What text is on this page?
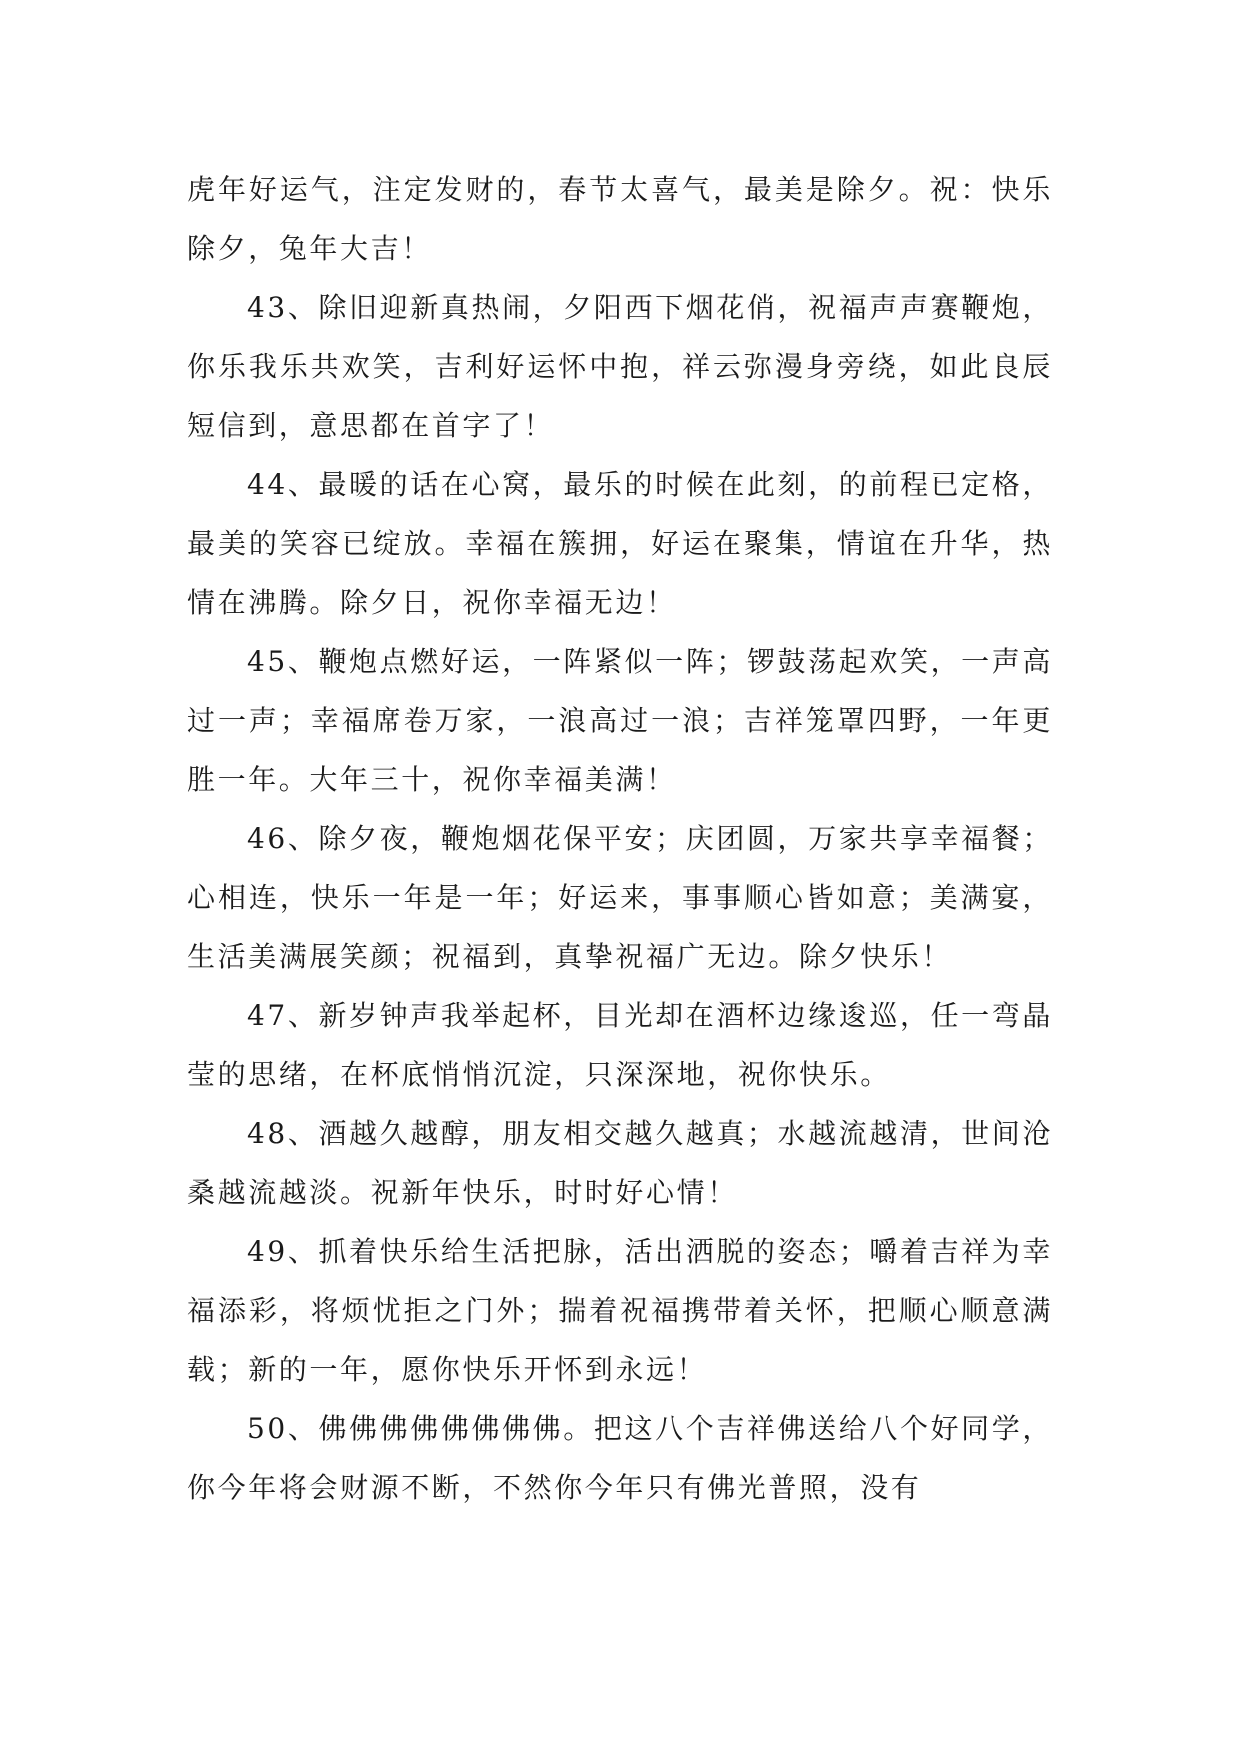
虎年好运气，注定发财的，春节太喜气，最美是除夕。祝：快乐除夕，兔年大吉！

43、除旧迎新真热闹，夕阳西下烟花俏，祝福声声赛鞭炮，你乐我乐共欢笑，吉利好运怀中抱，祥云弥漫身旁绕，如此良辰短信到，意思都在首字了！

44、最暖的话在心窝，最乐的时候在此刻，的前程已定格，最美的笑容已绽放。幸福在簇拥，好运在聚集，情谊在升华，热情在沸腾。除夕日，祝你幸福无边！

45、鞭炮点燃好运，一阵紧似一阵；锣鼓荡起欢笑，一声高过一声；幸福席卷万家，一浪高过一浪；吉祥笼罩四野，一年更胜一年。大年三十，祝你幸福美满！

46、除夕夜，鞭炮烟花保平安；庆团圆，万家共享幸福餐；心相连，快乐一年是一年；好运来，事事顺心皆如意；美满宴，生活美满展笑颜；祝福到，真挚祝福广无边。除夕快乐！

47、新岁钟声我举起杯，目光却在酒杯边缘逡巡，任一弯晶莹的思绪，在杯底悄悄沉淀，只深深地，祝你快乐。

48、酒越久越醇，朋友相交越久越真；水越流越清，世间沧桑越流越淡。祝新年快乐，时时好心情！

49、抓着快乐给生活把脉，活出洒脱的姿态；嚼着吉祥为幸福添彩，将烦忧拒之门外；揣着祝福携带着关怀，把顺心顺意满载；新的一年，愿你快乐开怀到永远！

50、佛佛佛佛佛佛佛佛。把这八个吉祥佛送给八个好同学，你今年将会财源不断，不然你今年只有佛光普照，没有
